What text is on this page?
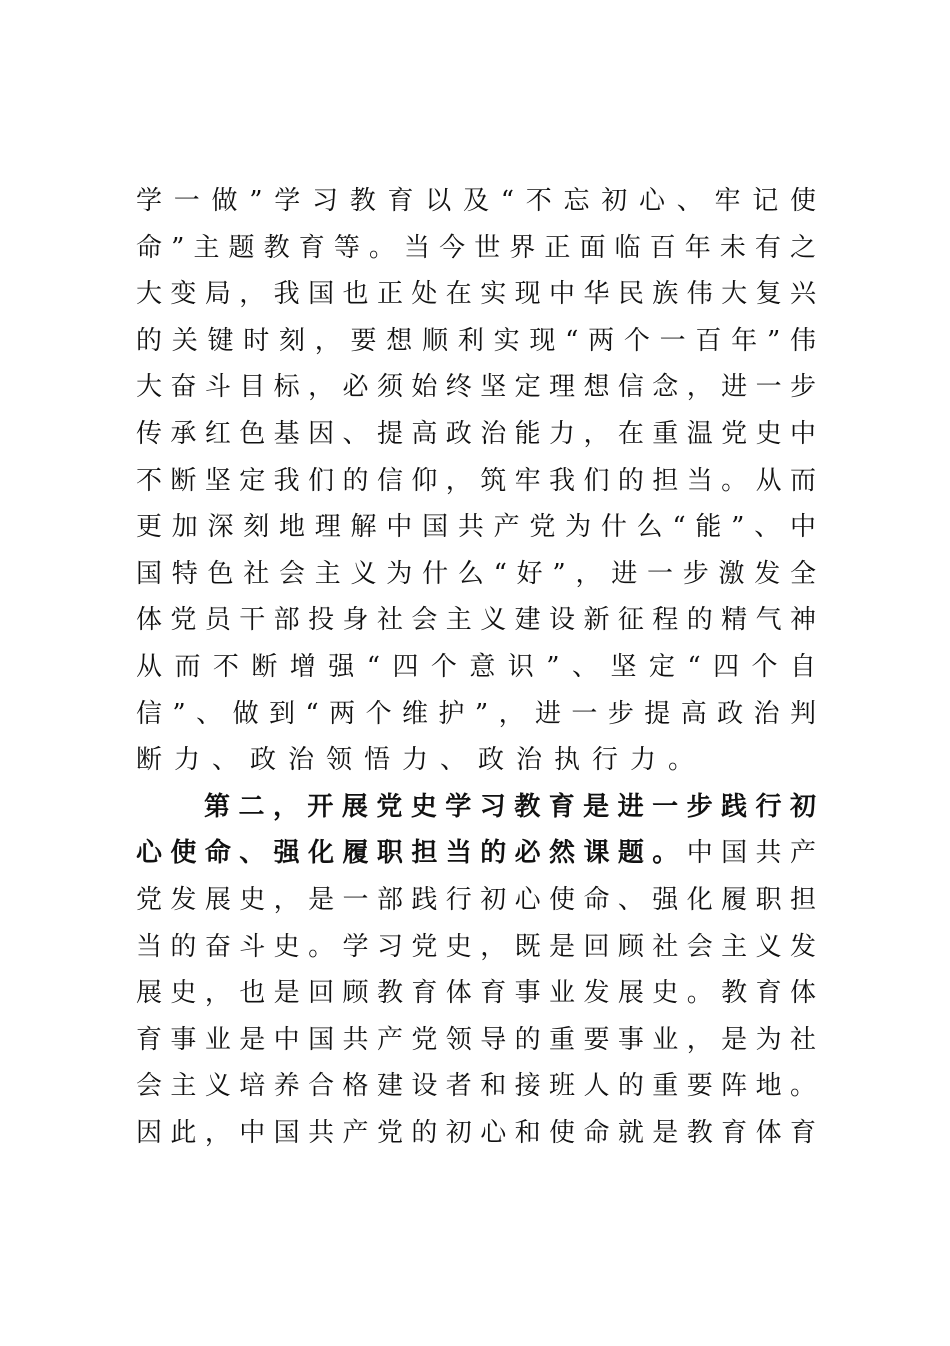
学一做”学习教育以及“不忘初心、牢记使
命”主题教育等。当今世界正面临百年未有之
大变局，我国也正处在实现中华民族伟大复兴
的关键时刻，要想顺利实现“两个一百年”伟
大奋斗目标，必须始终坚定理想信念，进一步
传承红色基因、提高政治能力，在重温党史中
不断坚定我们的信仰，筑牢我们的担当。从而
更加深刻地理解中国共产党为什么“能”、中
国特色社会主义为什么“好”，进一步激发全
体党员干部投身社会主义建设新征程的精气神
从而不断增强“四个意识”、坚定“四个自
信”、做到“两个维护”，进一步提高政治判
断力、政治领悟力、政治执行力。
第二，开展党史学习教育是进一步践行初
心使命、强化履职担当的必然课题。中国共产
党发展史，是一部践行初心使命、强化履职担
当的奋斗史。学习党史，既是回顾社会主义发
展史，也是回顾教育体育事业发展史。教育体
育事业是中国共产党领导的重要事业，是为社
会主义培养合格建设者和接班人的重要阵地。
因此，中国共产党的初心和使命就是教育体育
